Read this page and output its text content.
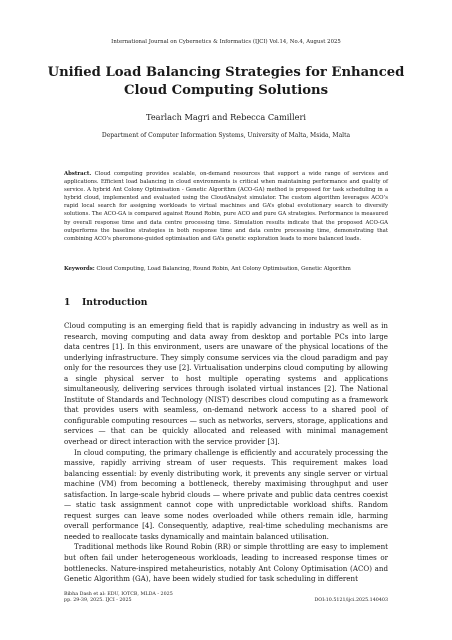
International Journal on Cybernetics & Informatics (IJCI) Vol.14, No.4, August 2025
Unified Load Balancing Strategies for Enhanced Cloud Computing Solutions
Tearlach Magri and Rebecca Camilleri
Department of Computer Information Systems, University of Malta, Msida, Malta
Abstract. Cloud computing provides scalable, on-demand resources that support a wide range of services and applications. Efficient load balancing in cloud environments is critical when maintaining performance and quality of service. A hybrid Ant Colony Optimisation - Genetic Algorithm (ACO-GA) method is proposed for task scheduling in a hybrid cloud, implemented and evaluated using the CloudAnalyst simulator. The custom algorithm leverages ACO’s rapid local search for assigning workloads to virtual machines and GA’s global evolutionary search to diversify solutions. The ACO-GA is compared against Round Robin, pure ACO and pure GA strategies. Performance is measured by overall response time and data centre processing time. Simulation results indicate that the proposed ACO-GA outperforms the baseline strategies in both response time and data centre processing time, demonstrating that combining ACO’s pheromone-guided optimisation and GA’s genetic exploration leads to more balanced loads.
Keywords: Cloud Computing, Load Balancing, Round Robin, Ant Colony Optimisation, Genetic Algorithm
1 Introduction

Cloud computing is an emerging field that is rapidly advancing in industry as well as in research, moving computing and data away from desktop and portable PCs into large data centres [1]. In this environment, users are unaware of the physical locations of the underlying infrastructure. They simply consume services via the cloud paradigm and pay only for the resources they use [2]. Virtualisation underpins cloud computing by allowing a single physical server to host multiple operating systems and applications simultaneously, delivering services through isolated virtual instances [2]. The National Institute of Standards and Technology (NIST) describes cloud computing as a framework that provides users with seamless, on-demand network access to a shared pool of configurable computing resources — such as networks, servers, storage, applications and services — that can be quickly allocated and released with minimal management overhead or direct interaction with the service provider [3].

In cloud computing, the primary challenge is efficiently and accurately processing the massive, rapidly arriving stream of user requests. This requirement makes load balancing essential: by evenly distributing work, it prevents any single server or virtual machine (VM) from becoming a bottleneck, thereby maximising throughput and user satisfaction. In large-scale hybrid clouds — where private and public data centres coexist — static task assignment cannot cope with unpredictable workload shifts. Random request surges can leave some nodes overloaded while others remain idle, harming overall performance [4]. Consequently, adaptive, real-time scheduling mechanisms are needed to reallocate tasks dynamically and maintain balanced utilisation.

Traditional methods like Round Robin (RR) or simple throttling are easy to implement but often fail under heterogeneous workloads, leading to increased response times or bottlenecks. Nature-inspired metaheuristics, notably Ant Colony Optimisation (ACO) and Genetic Algorithm (GA), have been widely studied for task scheduling in different

Bibha Dash et al: EDU, IOTCB, MLDA - 2025
pp. 29-39, 2025. IJCI - 2025	DOI:10.5121/ijci.2025.140403
